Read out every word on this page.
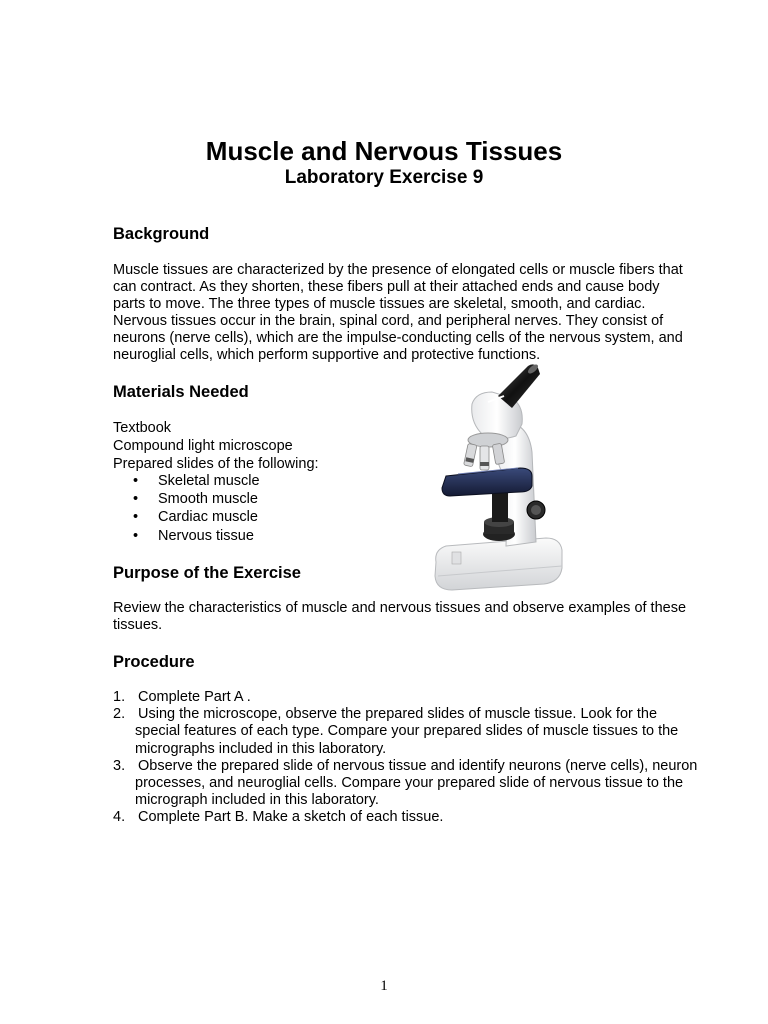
Muscle and Nervous Tissues
Laboratory Exercise 9
Background
Muscle tissues are characterized by the presence of elongated cells or muscle fibers that
can contract. As they shorten, these fibers pull at their attached ends and cause body
parts to move. The three types of muscle tissues are skeletal, smooth, and cardiac.
Nervous tissues occur in the brain, spinal cord, and peripheral nerves. They consist of
neurons (nerve cells), which are the impulse-conducting cells of the nervous system, and
neuroglial cells, which perform supportive and protective functions.
Materials Needed
Textbook
Compound light microscope
Prepared slides of the following:
• Skeletal muscle
• Smooth muscle
• Cardiac muscle
• Nervous tissue
Purpose of the Exercise
Review the characteristics of muscle and nervous tissues and observe examples of these
tissues.
Procedure
1. Complete Part A .
2. Using the microscope, observe the prepared slides of muscle tissue. Look for the
special features of each type. Compare your prepared slides of muscle tissues to the
micrographs included in this laboratory.
3. Observe the prepared slide of nervous tissue and identify neurons (nerve cells), neuron
processes, and neuroglial cells. Compare your prepared slide of nervous tissue to the
micrograph included in this laboratory.
4. Complete Part B. Make a sketch of each tissue.
1
